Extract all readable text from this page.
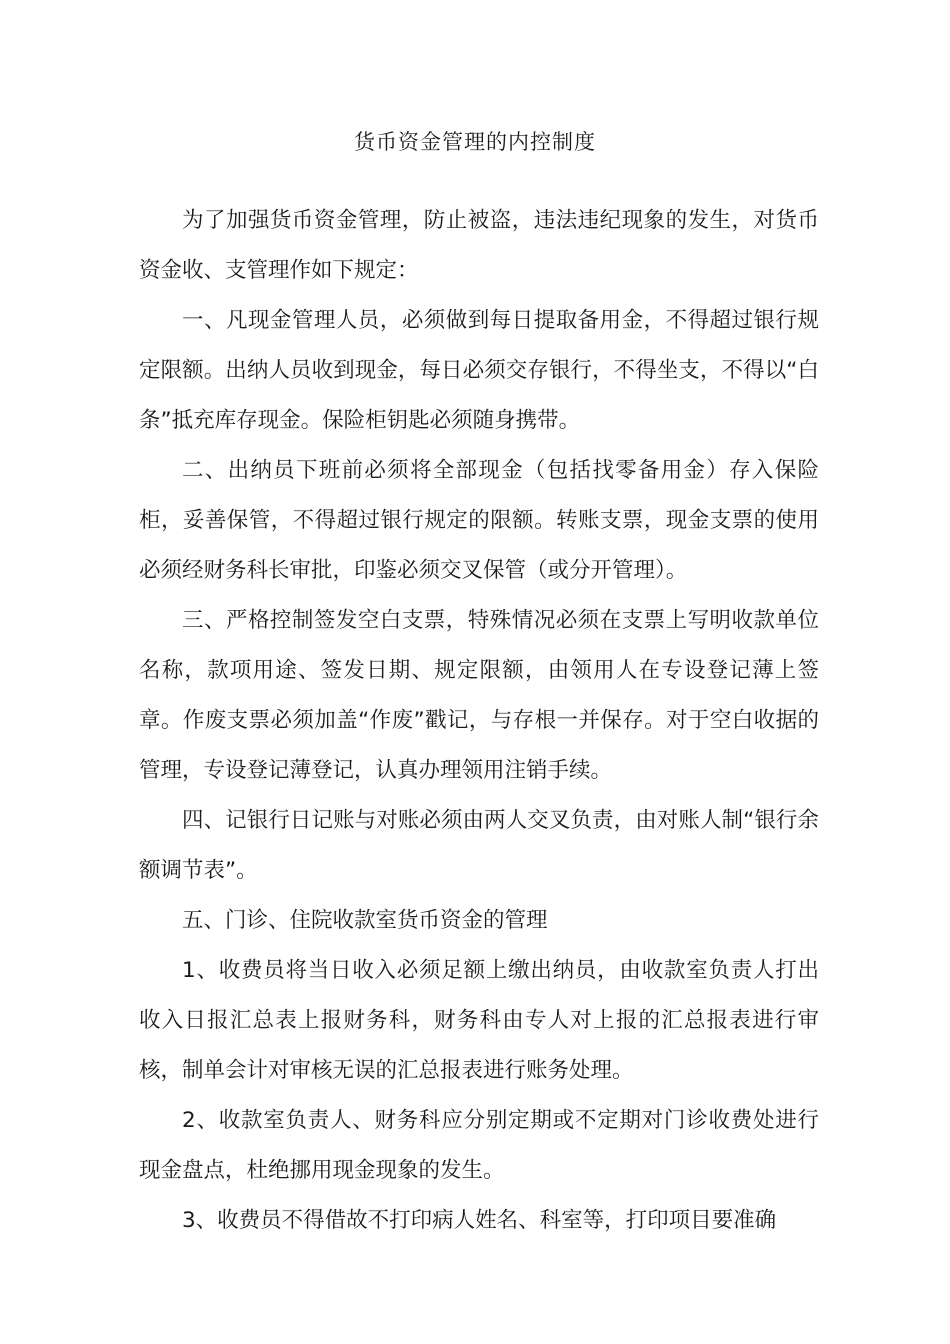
货币资金管理的内控制度

为了加强货币资金管理，防止被盗，违法违纪现象的发生，对货币资金收、支管理作如下规定：

一、凡现金管理人员，必须做到每日提取备用金，不得超过银行规定限额。出纳人员收到现金，每日必须交存银行，不得坐支，不得以“白条”抵充库存现金。保险柜钥匙必须随身携带。

二、出纳员下班前必须将全部现金（包括找零备用金）存入保险柜，妥善保管，不得超过银行规定的限额。转账支票，现金支票的使用必须经财务科长审批，印鉴必须交叉保管（或分开管理）。

三、严格控制签发空白支票，特殊情况必须在支票上写明收款单位名称，款项用途、签发日期、规定限额，由领用人在专设登记薄上签章。作废支票必须加盖“作废”戳记，与存根一并保存。对于空白收据的管理，专设登记薄登记，认真办理领用注销手续。

四、记银行日记账与对账必须由两人交叉负责，由对账人制“银行余额调节表”。

五、门诊、住院收款室货币资金的管理

1、收费员将当日收入必须足额上缴出纳员，由收款室负责人打出收入日报汇总表上报财务科，财务科由专人对上报的汇总报表进行审核，制单会计对审核无误的汇总报表进行账务处理。

2、收款室负责人、财务科应分别定期或不定期对门诊收费处进行现金盘点，杜绝挪用现金现象的发生。

3、收费员不得借故不打印病人姓名、科室等，打印项目要准确
